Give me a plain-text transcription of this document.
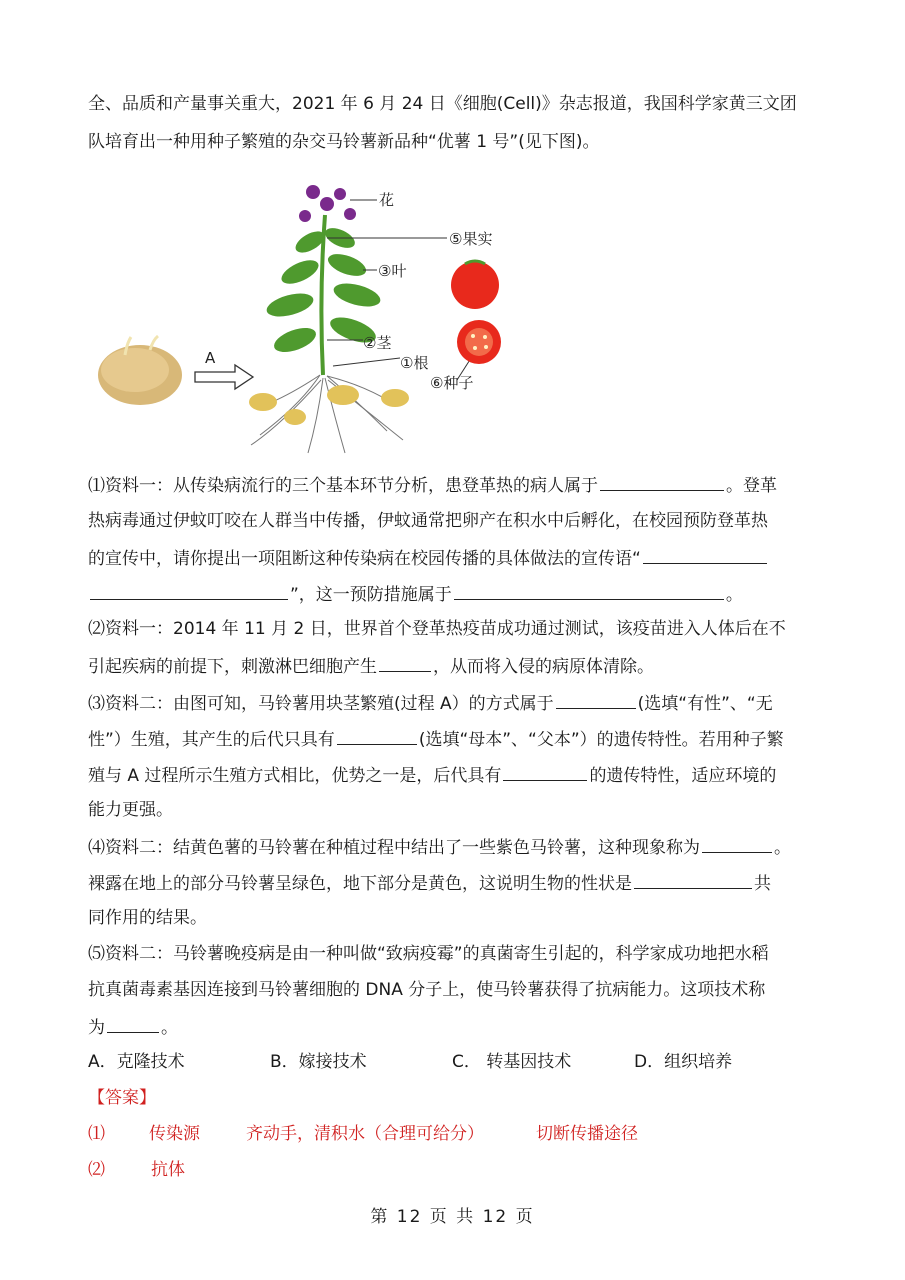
全、品质和产量事关重大，2021 年 6 月 24 日《细胞(Cell)》杂志报道，我国科学家黄三文团
队培育出一种用种子繁殖的杂交马铃薯新品种“优薯 1 号”(见下图)。
A
花
⑤果实
③叶
②茎
①根
⑥种子
⑴资料一：从传染病流行的三个基本环节分析，患登革热的病人属于	。登革
热病毒通过伊蚊叮咬在人群当中传播，伊蚊通常把卵产在积水中后孵化，在校园预防登革热
的宣传中，请你提出一项阻断这种传染病在校园传播的具体做法的宣传语“
”，这一预防措施属于	。
⑵资料一：2014 年 11 月 2 日，世界首个登革热疫苗成功通过测试，该疫苗进入人体后在不
引起疾病的前提下，刺激淋巴细胞产生	，从而将入侵的病原体清除。
⑶资料二：由图可知，马铃薯用块茎繁殖(过程 A）的方式属于	(选填“有性”、“无
性”）生殖，其产生的后代只具有	(选填“母本”、“父本”）的遗传特性。若用种子繁
殖与 A 过程所示生殖方式相比，优势之一是，后代具有	的遗传特性，适应环境的
能力更强。
⑷资料二：结黄色薯的马铃薯在种植过程中结出了一些紫色马铃薯，这种现象称为	。
裸露在地上的部分马铃薯呈绿色，地下部分是黄色，这说明生物的性状是	共
同作用的结果。
⑸资料二：马铃薯晚疫病是由一种叫做“致病疫霉”的真菌寄生引起的，科学家成功地把水稻
抗真菌毒素基因连接到马铃薯细胞的 DNA 分子上，使马铃薯获得了抗病能力。这项技术称
为	。
A．克隆技术	B．嫁接技术	C． 转基因技术	D．组织培养
【答案】
⑴	传染源	齐动手，清积水（合理可给分）	切断传播途径
⑵	抗体
第 12 页 共 12 页
